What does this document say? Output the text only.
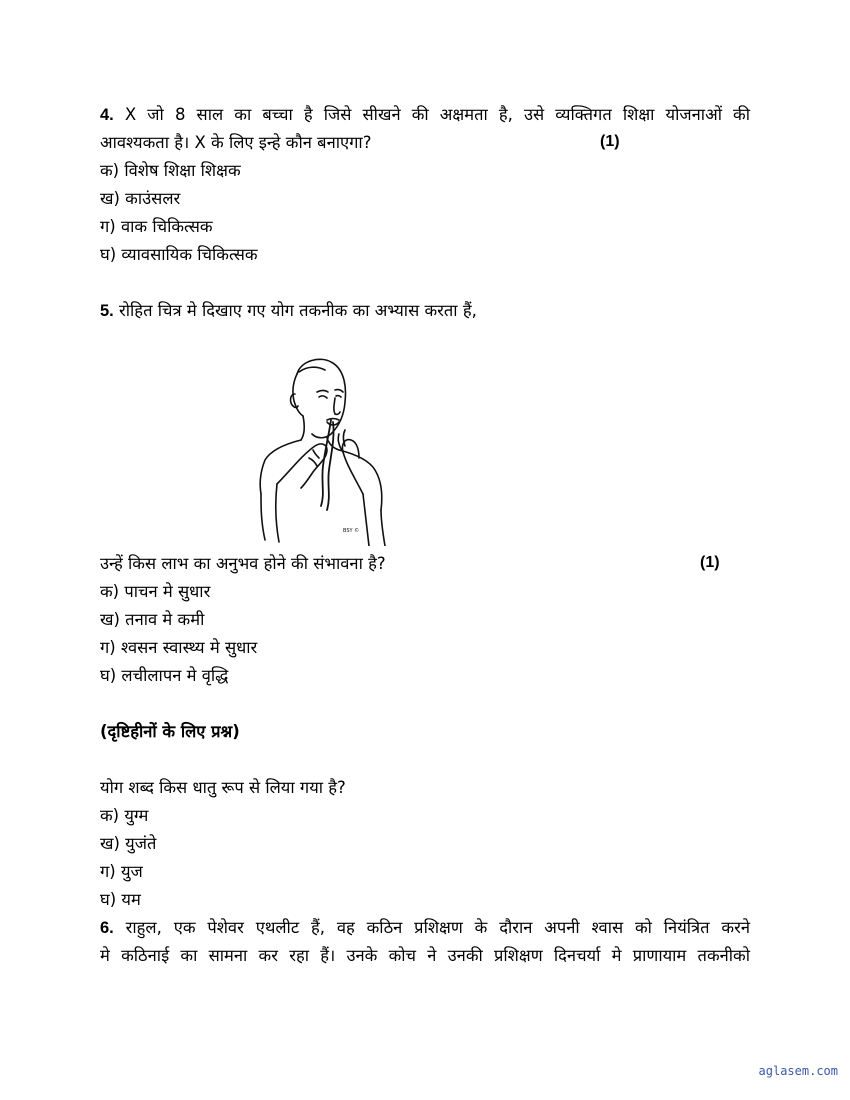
4. X जो 8 साल का बच्चा है जिसे सीखने की अक्षमता है, उसे व्यक्तिगत शिक्षा योजनाओं की
आवश्यकता है। X के लिए इन्हे कौन बनाएगा?	(1)
क) विशेष शिक्षा शिक्षक
ख) काउंसलर
ग) वाक चिकित्सक
घ) व्यावसायिक चिकित्सक
5. रोहित चित्र मे दिखाए गए योग तकनीक का अभ्यास करता हैं,
BSY ©
उन्हें किस लाभ का अनुभव होने की संभावना है?	(1)
क) पाचन मे सुधार
ख) तनाव मे कमी
ग) श्वसन स्वास्थ्य मे सुधार
घ) लचीलापन मे वृद्धि
(दृष्टिहीनों के लिए प्रश्न)
योग शब्द किस धातु रूप से लिया गया है?
क) युग्म
ख) युजंते
ग) युज
घ) यम
6. राहुल, एक पेशेवर एथलीट हैं, वह कठिन प्रशिक्षण के दौरान अपनी श्वास को नियंत्रित करने
मे कठिनाई का सामना कर रहा हैं। उनके कोच ने उनकी प्रशिक्षण दिनचर्या मे प्राणायाम तकनीको
aglasem.com
